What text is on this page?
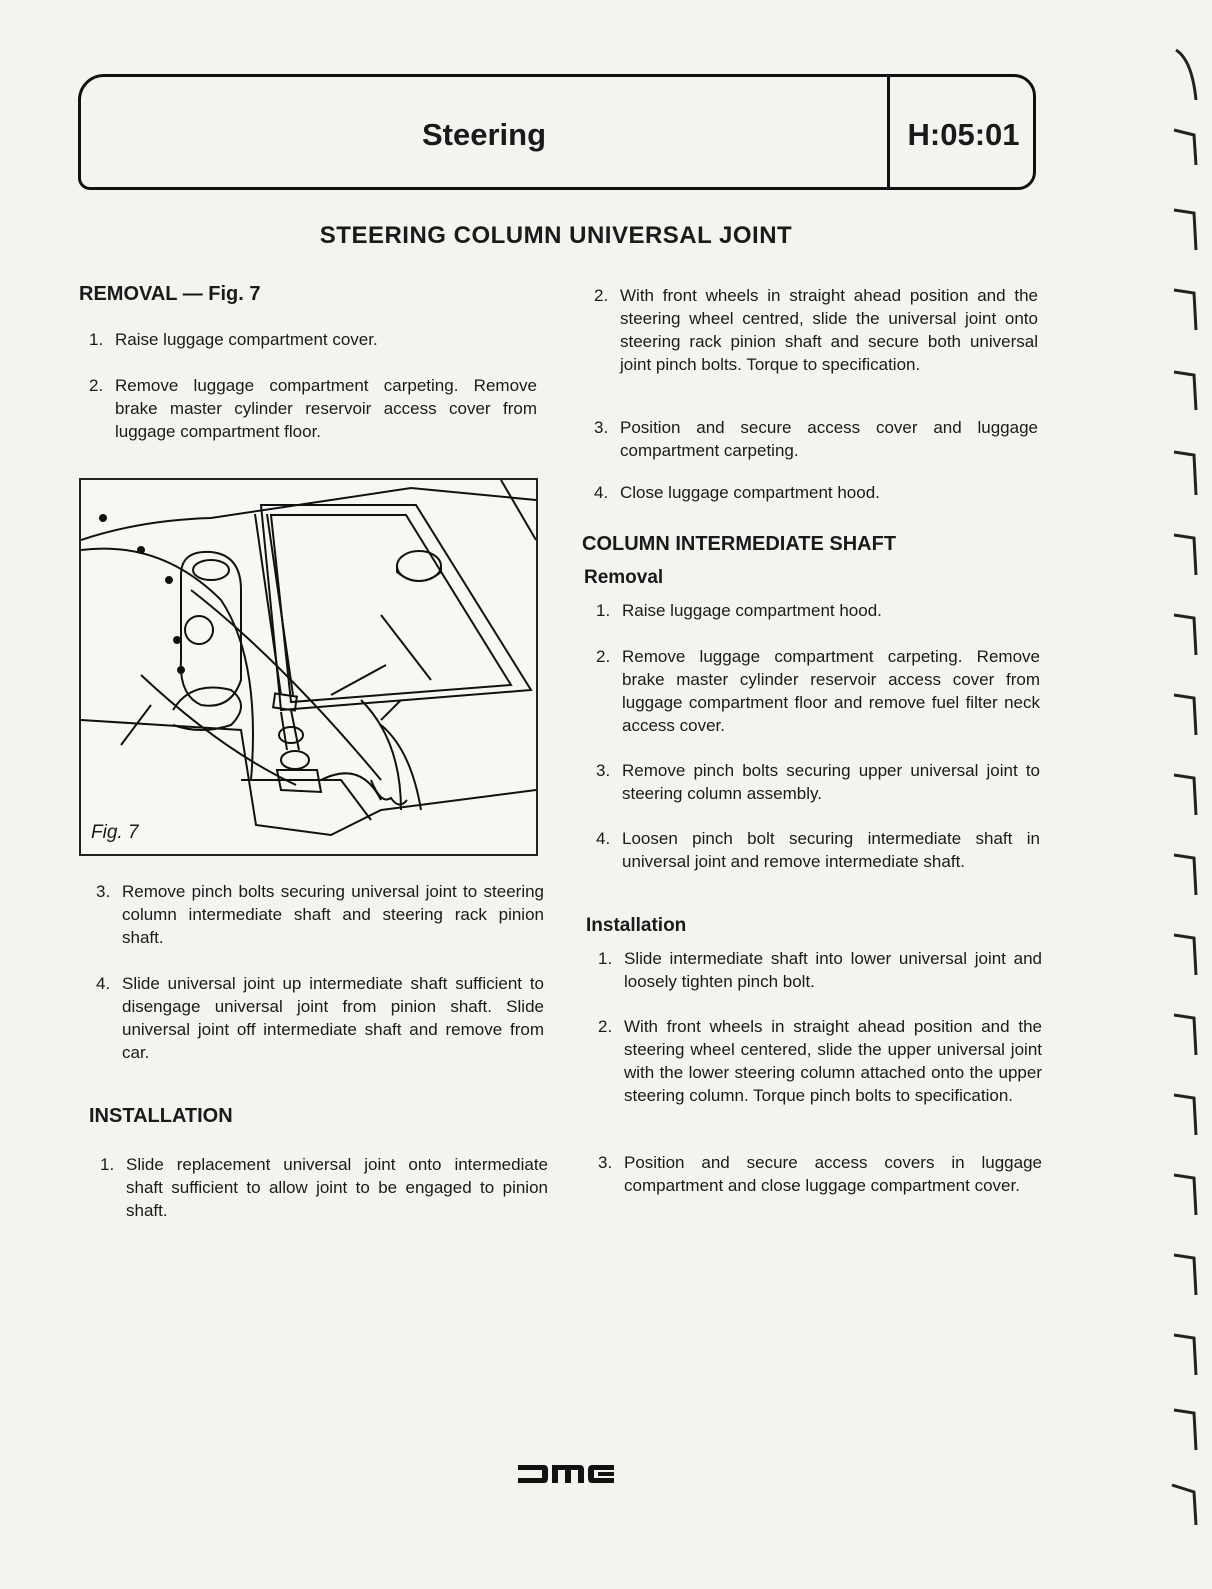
Steering	H:05:01
STEERING COLUMN UNIVERSAL JOINT
REMOVAL — Fig. 7
1. Raise luggage compartment cover.
2. Remove luggage compartment carpeting. Remove brake master cylinder reservoir access cover from luggage compartment floor.
Fig. 7
3. Remove pinch bolts securing universal joint to steering column intermediate shaft and steering rack pinion shaft.
4. Slide universal joint up intermediate shaft sufficient to disengage universal joint from pinion shaft. Slide universal joint off intermediate shaft and remove from car.
INSTALLATION
1. Slide replacement universal joint onto intermediate shaft sufficient to allow joint to be engaged to pinion shaft.
2. With front wheels in straight ahead position and the steering wheel centred, slide the universal joint onto steering rack pinion shaft and secure both universal joint pinch bolts. Torque to specification.
3. Position and secure access cover and luggage compartment carpeting.
4. Close luggage compartment hood.
COLUMN INTERMEDIATE SHAFT
Removal
1. Raise luggage compartment hood.
2. Remove luggage compartment carpeting. Remove brake master cylinder reservoir access cover from luggage compartment floor and remove fuel filter neck access cover.
3. Remove pinch bolts securing upper universal joint to steering column assembly.
4. Loosen pinch bolt securing intermediate shaft in universal joint and remove intermediate shaft.
Installation
1. Slide intermediate shaft into lower universal joint and loosely tighten pinch bolt.
2. With front wheels in straight ahead position and the steering wheel centered, slide the upper universal joint with the lower steering column attached onto the upper steering column. Torque pinch bolts to specification.
3. Position and secure access covers in luggage compartment and close luggage compartment cover.
